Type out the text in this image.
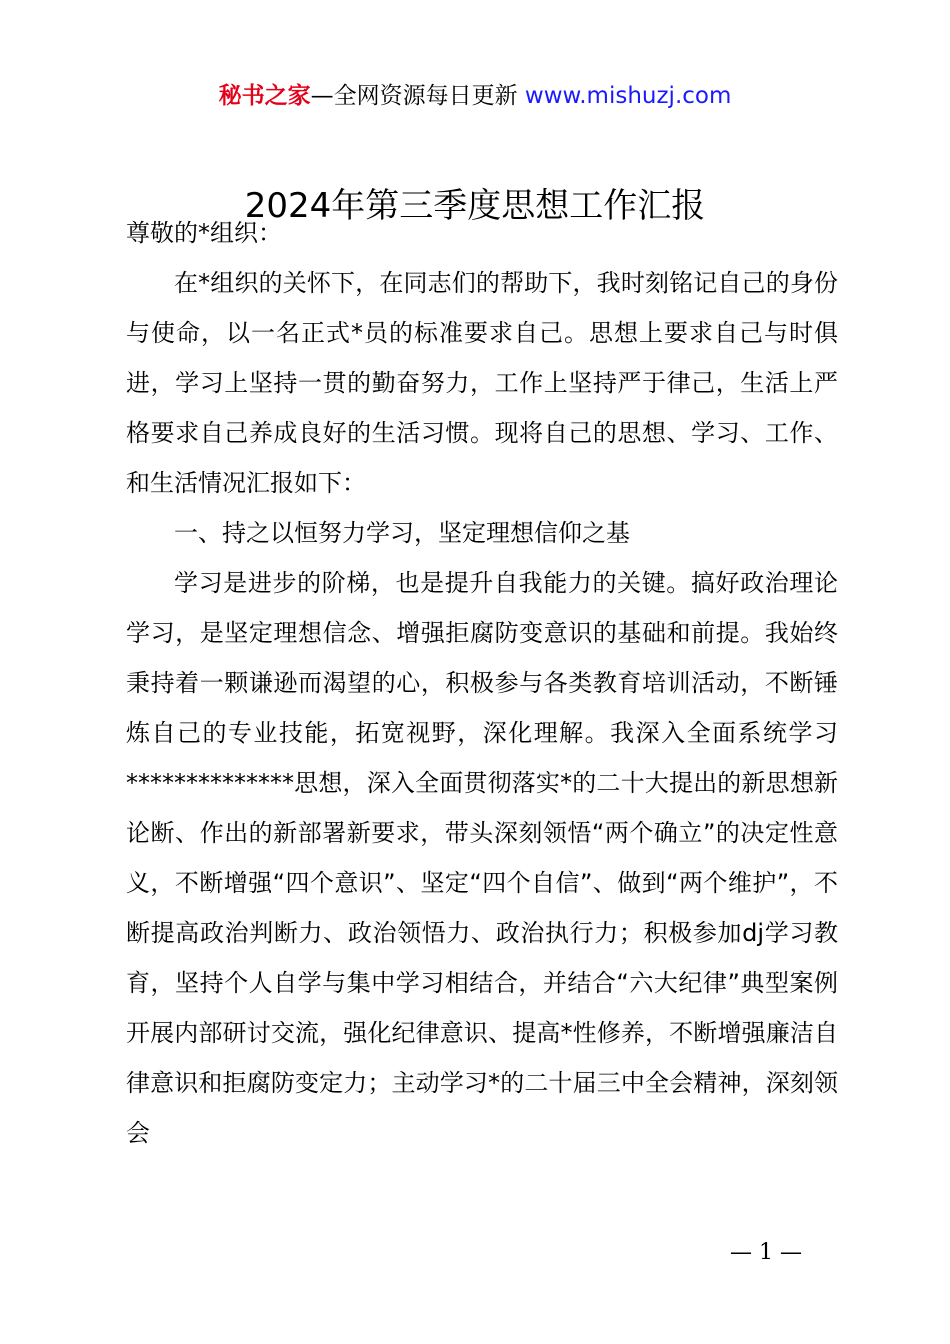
秘书之家—全网资源每日更新 www.mishuzj.com
2024年第三季度思想工作汇报

尊敬的*组织：

在*组织的关怀下，在同志们的帮助下，我时刻铭记自己的身份与使命，以一名正式*员的标准要求自己。思想上要求自己与时俱进，学习上坚持一贯的勤奋努力，工作上坚持严于律己，生活上严格要求自己养成良好的生活习惯。现将自己的思想、学习、工作、和生活情况汇报如下：

一、持之以恒努力学习，坚定理想信仰之基

学习是进步的阶梯，也是提升自我能力的关键。搞好政治理论学习，是坚定理想信念、增强拒腐防变意识的基础和前提。我始终秉持着一颗谦逊而渴望的心，积极参与各类教育培训活动，不断锤炼自己的专业技能，拓宽视野，深化理解。我深入全面系统学习**************思想，深入全面贯彻落实*的二十大提出的新思想新论断、作出的新部署新要求，带头深刻领悟“两个确立”的决定性意义，不断增强“四个意识”、坚定“四个自信”、做到“两个维护”，不断提高政治判断力、政治领悟力、政治执行力；积极参加dj学习教育，坚持个人自学与集中学习相结合，并结合“六大纪律”典型案例开展内部研讨交流，强化纪律意识、提高*性修养，不断增强廉洁自律意识和拒腐防变定力；主动学习*的二十届三中全会精神，深刻领会

— 1 —
